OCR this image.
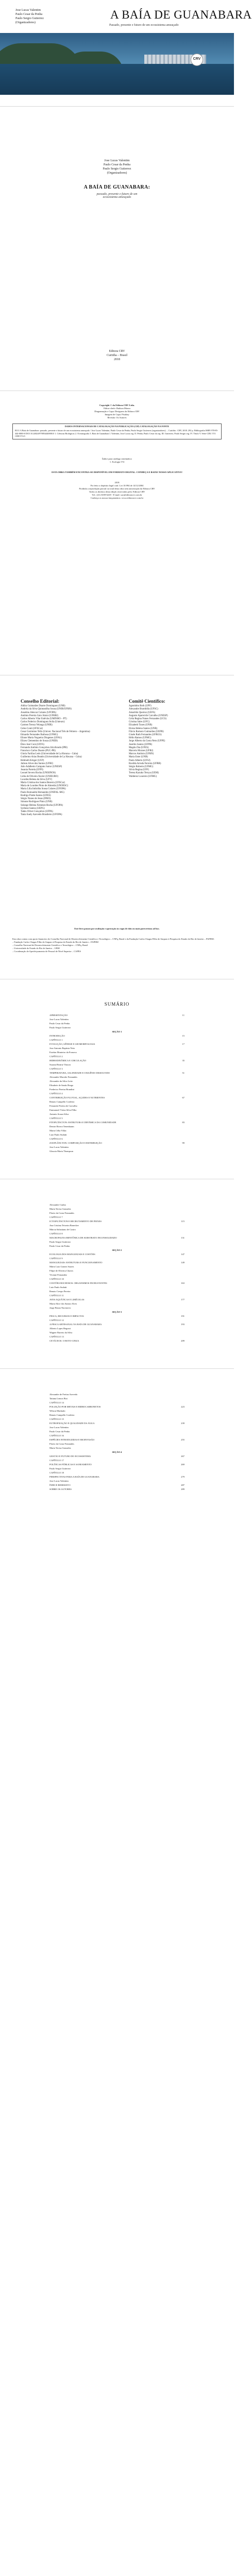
Jose Lucas Valentim
Paulo Cesar da Penha
Paulo Sergio Gutierrez
(Organizadores)
A BAÍA DE GUANABARA
Passado, presente e futuro de um ecossistema ameaçado
CRV
Jose Lucas Valentim
Paulo Cesar da Penha
Paulo Sergio Gutierrez
(Organizadores)
A BAÍA DE GUANABARA:
passado, presente e futuro de um
ecossistema ameaçado
Editora CRV
Curitiba – Brasil
2018
Copyright © da Editora CRV Ltda.
Editor-chefe: Railson Moura
Diagramação e Capa: Designers da Editora CRV
Imagem de Capa: Pixabay
Revisão: Os Autores
DADOS INTERNACIONAIS DE CATALOGAÇÃO NA PUBLICAÇÃO (CIP) CATALOGAÇÃO NA FONTE
B111 A Baía de Guanabara: passado, presente e futuro de um ecossistema ameaçado / Jose Lucas Valentim, Paulo Cesar da Penha, Paulo Sergio Gutierrez (organizadores). – Curitiba : CRV, 2018. 292 p. Bibliografia ISBN 978-85-444-0000-0 DOI 10.24824/978854440000.0 1. Ciências Biológicas 2. Oceanografia 3. Baía de Guanabara I. Valentim, Jose Lucas org. II. Penha, Paulo Cesar da org. III. Gutierrez, Paulo Sergio org. IV. Título V. Série CDU 574 CDD 574.5
Índice para catálogo sistemático
1. Ecologia 574
ESTA OBRA TAMBÉM ENCONTRA-SE DISPONÍVEL EM FORMATO DIGITAL. CONHEÇA E BAIXE NOSSO APLICATIVO!
2018
Foi feito o depósito legal conf. Lei 10.994 de 14/12/2004
Proibida a reprodução parcial ou total desta obra sem autorização da Editora CRV
Todos os direitos desta edição reservados pela: Editora CRV
Tel.: (41) 3039-6418 - E-mail: sac@editoracrv.com.br
Conheça os nossos lançamentos: www.editoracrv.com.br
Conselho Editorial:
Aldira Guimarães Duarte Domínguez (UNB)
Andréia da Silva Quintanilha Sousa (UNIR/UFRN)
Anselmo Alencar Colares (UFOPA)
Antônio Pereira Gaio Júnior (UFRRJ)
Carlos Alberto Vilar Estêvão (UMINHO – PT)
Carlos Federico Dominguez Avila (Unieuro)
Carmen Tereza Velanga (UNIR)
Celso Conti (UFSCar)
Cesar Gerónimo Tello (Univer. Nacional Três de Febrero – Argentina)
Eduardo Fernandes Barbosa (UFMG)
Elione Maria Nogueira Diogenes (UFAL)
Elizeu Clementino de Souza (UNEB)
Élsio José Corá (UFFS)
Fernando Antônio Gonçalves Alcoforado (IPB)
Francisco Carlos Duarte (PUC-PR)
Gloria Fariñas León (Universidade de La Havana – Cuba)
Guillermo Arias Beatón (Universidade de La Havana – Cuba)
Helmuth Krüger (UCP)
Jailson Alves dos Santos (UFRJ)
João Adalberto Campato Junior (UNESP)
Josania Portela (UFPI)
Leonel Severo Rocha (UNISINOS)
Lídia de Oliveira Xavier (UNIEURO)
Lourdes Helena da Silva (UFV)
Maria Cristina dos Santos Bezerra (UFSCar)
Maria de Lourdes Pinto de Almeida (UNOESC)
Maria Lília Imbiriba Sousa Colares (UFOPA)
Paulo Romualdo Hernandes (UNIFAL-MG)
Rodrigo Pratte-Santos (UFES)
Sérgio Nunes de Jesus (IFRO)
Simone Rodrigues Pinto (UNB)
Solange Helena Ximenes-Rocha (UFOPA)
Sydione Santos (UEPG)
Tadeu Oliver Gonçalves (UFPA)
Tania Suely Azevedo Brasileiro (UFOPA)
Comitê Científico:
Agostinho Both (UPF)
Alexandre Brambilla (UFSC)
Amarildo Queiroz (UEFS)
Augusto Aparecido Carvalho (UNESP)
Celia Regina Nunes Fernandes (UCS)
Cristina Sales (UFC)
Elizabeth Tunes (UNB)
Eloisa Helena Santos (UNB)
Flávio Romero Guimarães (UEPB)
Gisele Ruth Fernandes (UFRGS)
Hélio Ramos (UFMG)
Jorge Alberto da Costa Neto (UFPE)
Joselito Santos (UFPB)
Magda Zita (UFES)
Marcelo Moraes (UFRJ)
Marcos Antônio (UFRN)
Maria Ester (UNB)
Paulo Alberto (UFSJ)
Rosilda Arruda Ferreira (UFRB)
Sérgio Roberto (UFMG)
Silvia Regina (UFF)
Teresa Kazuko Teruya (UEM)
Walderez Loureiro (UFMG)
Este livro passou por avaliação e aprovação às cegas de dois ou mais pareceristas ad hoc.
Esta obra contou com apoio financeiro do Conselho Nacional de Desenvolvimento Científico e Tecnológico – CNPq, Brasil e da Fundação Carlos Chagas Filho de Amparo à Pesquisa do Estado do Rio de Janeiro – FAPERJ.
– Fundação Carlos Chagas Filho de Amparo à Pesquisa do Estado do Rio de Janeiro – FAPERJ
– Conselho Nacional de Desenvolvimento Científico e Tecnológico – CNPq, Brasil
– Universidade do Estado do Rio de Janeiro – UERJ
– Coordenação de Aperfeiçoamento de Pessoal de Nível Superior – CAPES
SUMÁRIO
APRESENTAÇÃO	11
Jose Lucas Valentim
Paulo Cesar da Penha
Paulo Sergio Gutierrez
SEÇÃO 1
INTRODUÇÃO	15
CAPÍTULO 1
EVOLUÇÃO, GÊNESE E GEOMORFOLOGIA	17
Jose Antonio Baptista Neto
Estefan Monteiro da Fonseca
CAPÍTULO 2
HIDRODINÂMICA E CIRCULAÇÃO	35
Susana Beatriz Vinzon
CAPÍTULO 3
TEMPERATURA, SALINIDADE E OXIGÊNIO DISSOLVIDO	51
Alexandre Macedo Fernandes
Alexandre da Silva Leite
Elisabete de Santis Braga
Frederico Pereira Brandini
CAPÍTULO 4
CONTRIBUIÇÃO FLUVIAL, AÇUDES E NUTRIENTES	67
Renato Campello Cordeiro
Fernando Pereira de Carvalho
Emmanoel Vieira Silva Filho
Antonio Souza Silva
CAPÍTULO 5
FITOPLÂNCTON: ESTRUTURA E DINÂMICA DA COMUNIDADE	83
Denise Rivera Tenenbaum
Maria Célia Villac
Luiz Paulo Sudatti
CAPÍTULO 6
ZOOPLÂNCTON: COMPOSIÇÃO E DISTRIBUIÇÃO	99
Jose Lucas Valentim
Glaucia Maria Thompson
Alexandre Cunha
Maria Teresa Gonzalez
Flavio da Costa Fernandes
CAPÍTULO 7
ICTIOPLÂNCTON E RECRUTAMENTO DE PEIXES	115
Ana Cristina Teixeira Bonecker
Márcia Salustiano de Castro
CAPÍTULO 8
MACROFAUNA BENTÔNICA DE SUBSTRATO INCONSOLIDADO	131
Paulo Sergio Gutierrez
Paulo Cesar da Penha
SEÇÃO 2
ECOLOGIA DOS MANGUEZAIS E COSTÕES	147
CAPÍTULO 9
MANGUEZAIS: ESTRUTURA E FUNCIONAMENTO	149
Mário Luiz Gomes Soares
Filipe de Oliveira Chaves
Viviane Fernandez
CAPÍTULO 10
COSTÕES ROCHOSOS: ORGANISMOS INCRUSTANTES	163
Luiz Paulo Sudatti
Renato Crespo Pereira
CAPÍTULO 11
AVES AQUÁTICAS E LIMÍCOLAS	177
Maria Alice dos Santos Alves
Jorge Bruno Nacinovic
SEÇÃO 3
PESCA, RECURSOS E IMPACTOS	191
CAPÍTULO 12
A PESCA ARTESANAL NA BAÍA DE GUANABARA	193
Alberto Lopes Begossi
Wagner Barreto da Silva
CAPÍTULO 13
CETÁCEOS: O BOTO-CINZA	209
Alexandre de Freitas Azevedo
Tatiana Lemos Bisi
CAPÍTULO 14
POLUIÇÃO POR METAIS E HIDROCARBONETOS	223
Wilson Machado
Renato Campello Cordeiro
CAPÍTULO 15
EUTROFIZAÇÃO E QUALIDADE DA ÁGUA	239
Jose Lucas Valentim
Paulo Cesar da Penha
CAPÍTULO 16
ESPÉCIES INTRODUZIDAS E BIOINVASÃO	255
Flavio da Costa Fernandes
Maria Teresa Gonzalez
SEÇÃO 4
GESTÃO E FUTURO DO ECOSSISTEMA	267
CAPÍTULO 17
POLÍTICAS PÚBLICAS E SANEAMENTO	269
Paulo Sergio Gutierrez
CAPÍTULO 18
PERSPECTIVAS PARA A BAÍA DE GUANABARA	279
Jose Lucas Valentim
ÍNDICE REMISSIVO	287
SOBRE OS AUTORES	289
